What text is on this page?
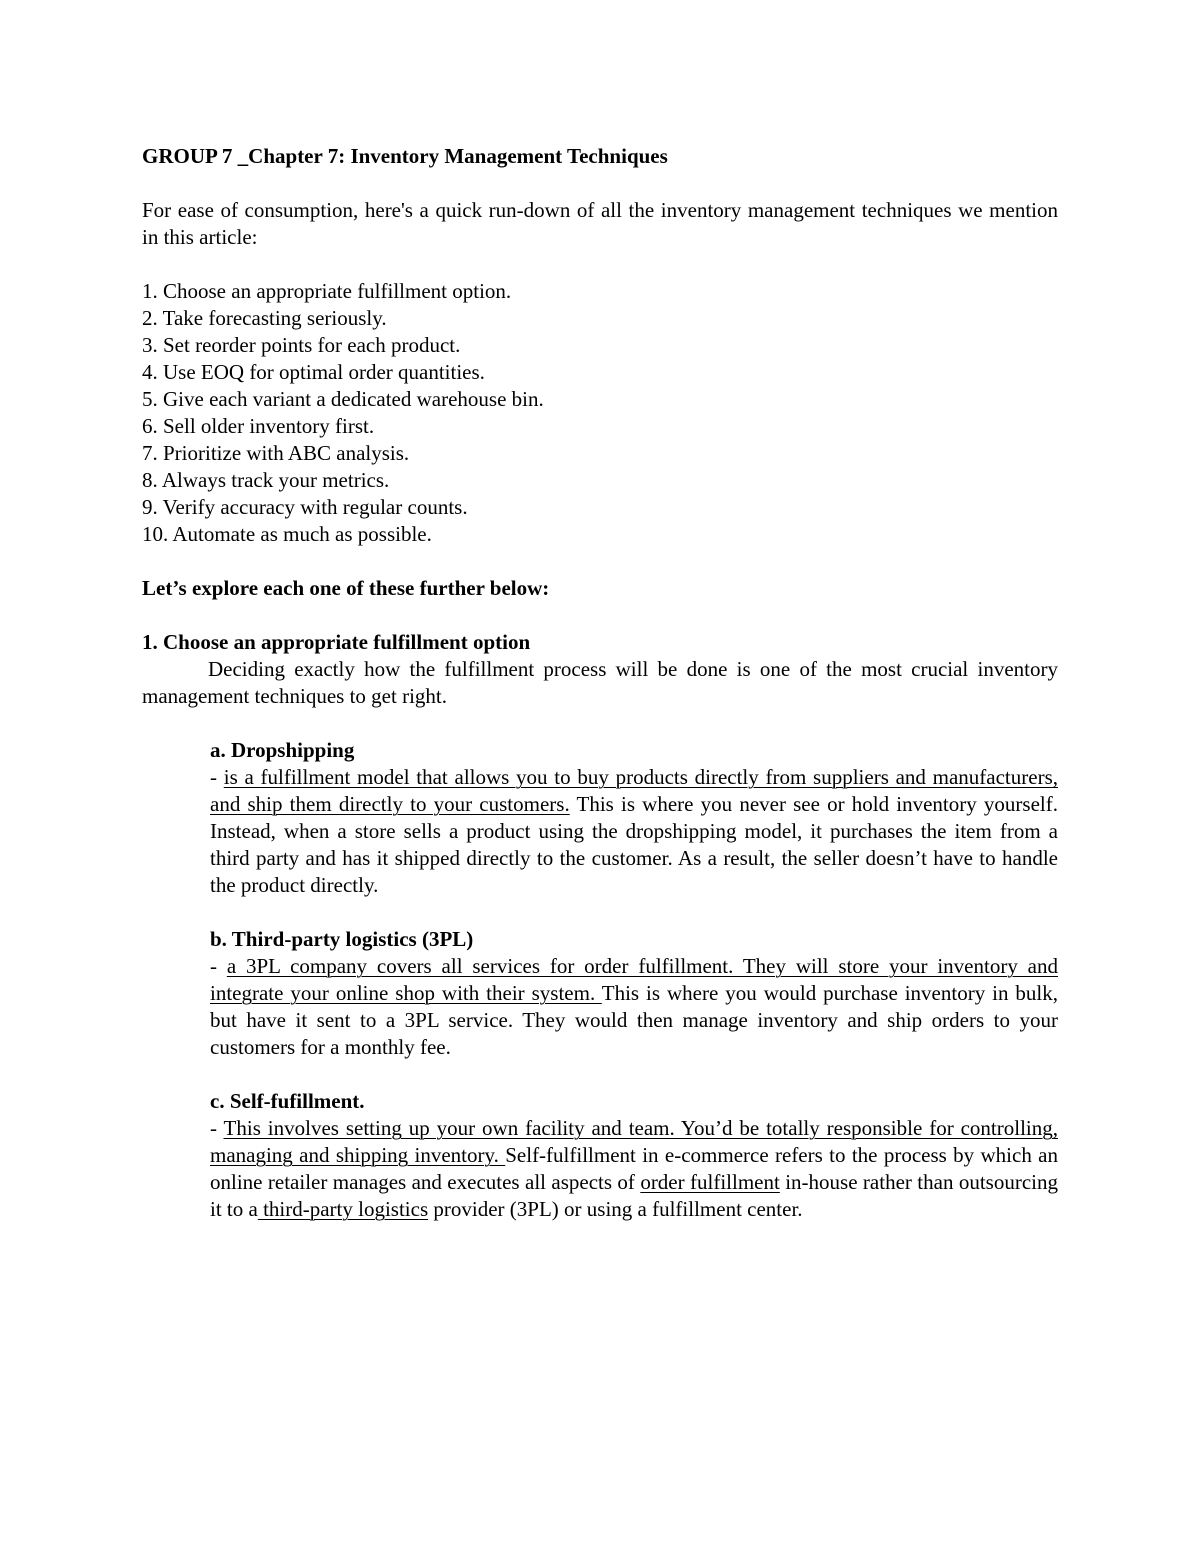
GROUP 7 _Chapter 7: Inventory Management Techniques

For ease of consumption, here's a quick run-down of all the inventory management techniques we mention in this article:

1. Choose an appropriate fulfillment option.
2. Take forecasting seriously.
3. Set reorder points for each product.
4. Use EOQ for optimal order quantities.
5. Give each variant a dedicated warehouse bin.
6. Sell older inventory first.
7. Prioritize with ABC analysis.
8. Always track your metrics.
9. Verify accuracy with regular counts.
10. Automate as much as possible.

Let’s explore each one of these further below:

1. Choose an appropriate fulfillment option

Deciding exactly how the fulfillment process will be done is one of the most crucial inventory management techniques to get right.

a. Dropshipping

- is a fulfillment model that allows you to buy products directly from suppliers and manufacturers, and ship them directly to your customers. This is where you never see or hold inventory yourself. Instead, when a store sells a product using the dropshipping model, it purchases the item from a third party and has it shipped directly to the customer. As a result, the seller doesn’t have to handle the product directly.

b. Third-party logistics (3PL)

- a 3PL company covers all services for order fulfillment. They will store your inventory and integrate your online shop with their system. This is where you would purchase inventory in bulk, but have it sent to a 3PL service. They would then manage inventory and ship orders to your customers for a monthly fee.

c. Self-fufillment.

- This involves setting up your own facility and team. You’d be totally responsible for controlling, managing and shipping inventory. Self-fulfillment in e-commerce refers to the process by which an online retailer manages and executes all aspects of order fulfillment in-house rather than outsourcing it to a third-party logistics provider (3PL) or using a fulfillment center.
